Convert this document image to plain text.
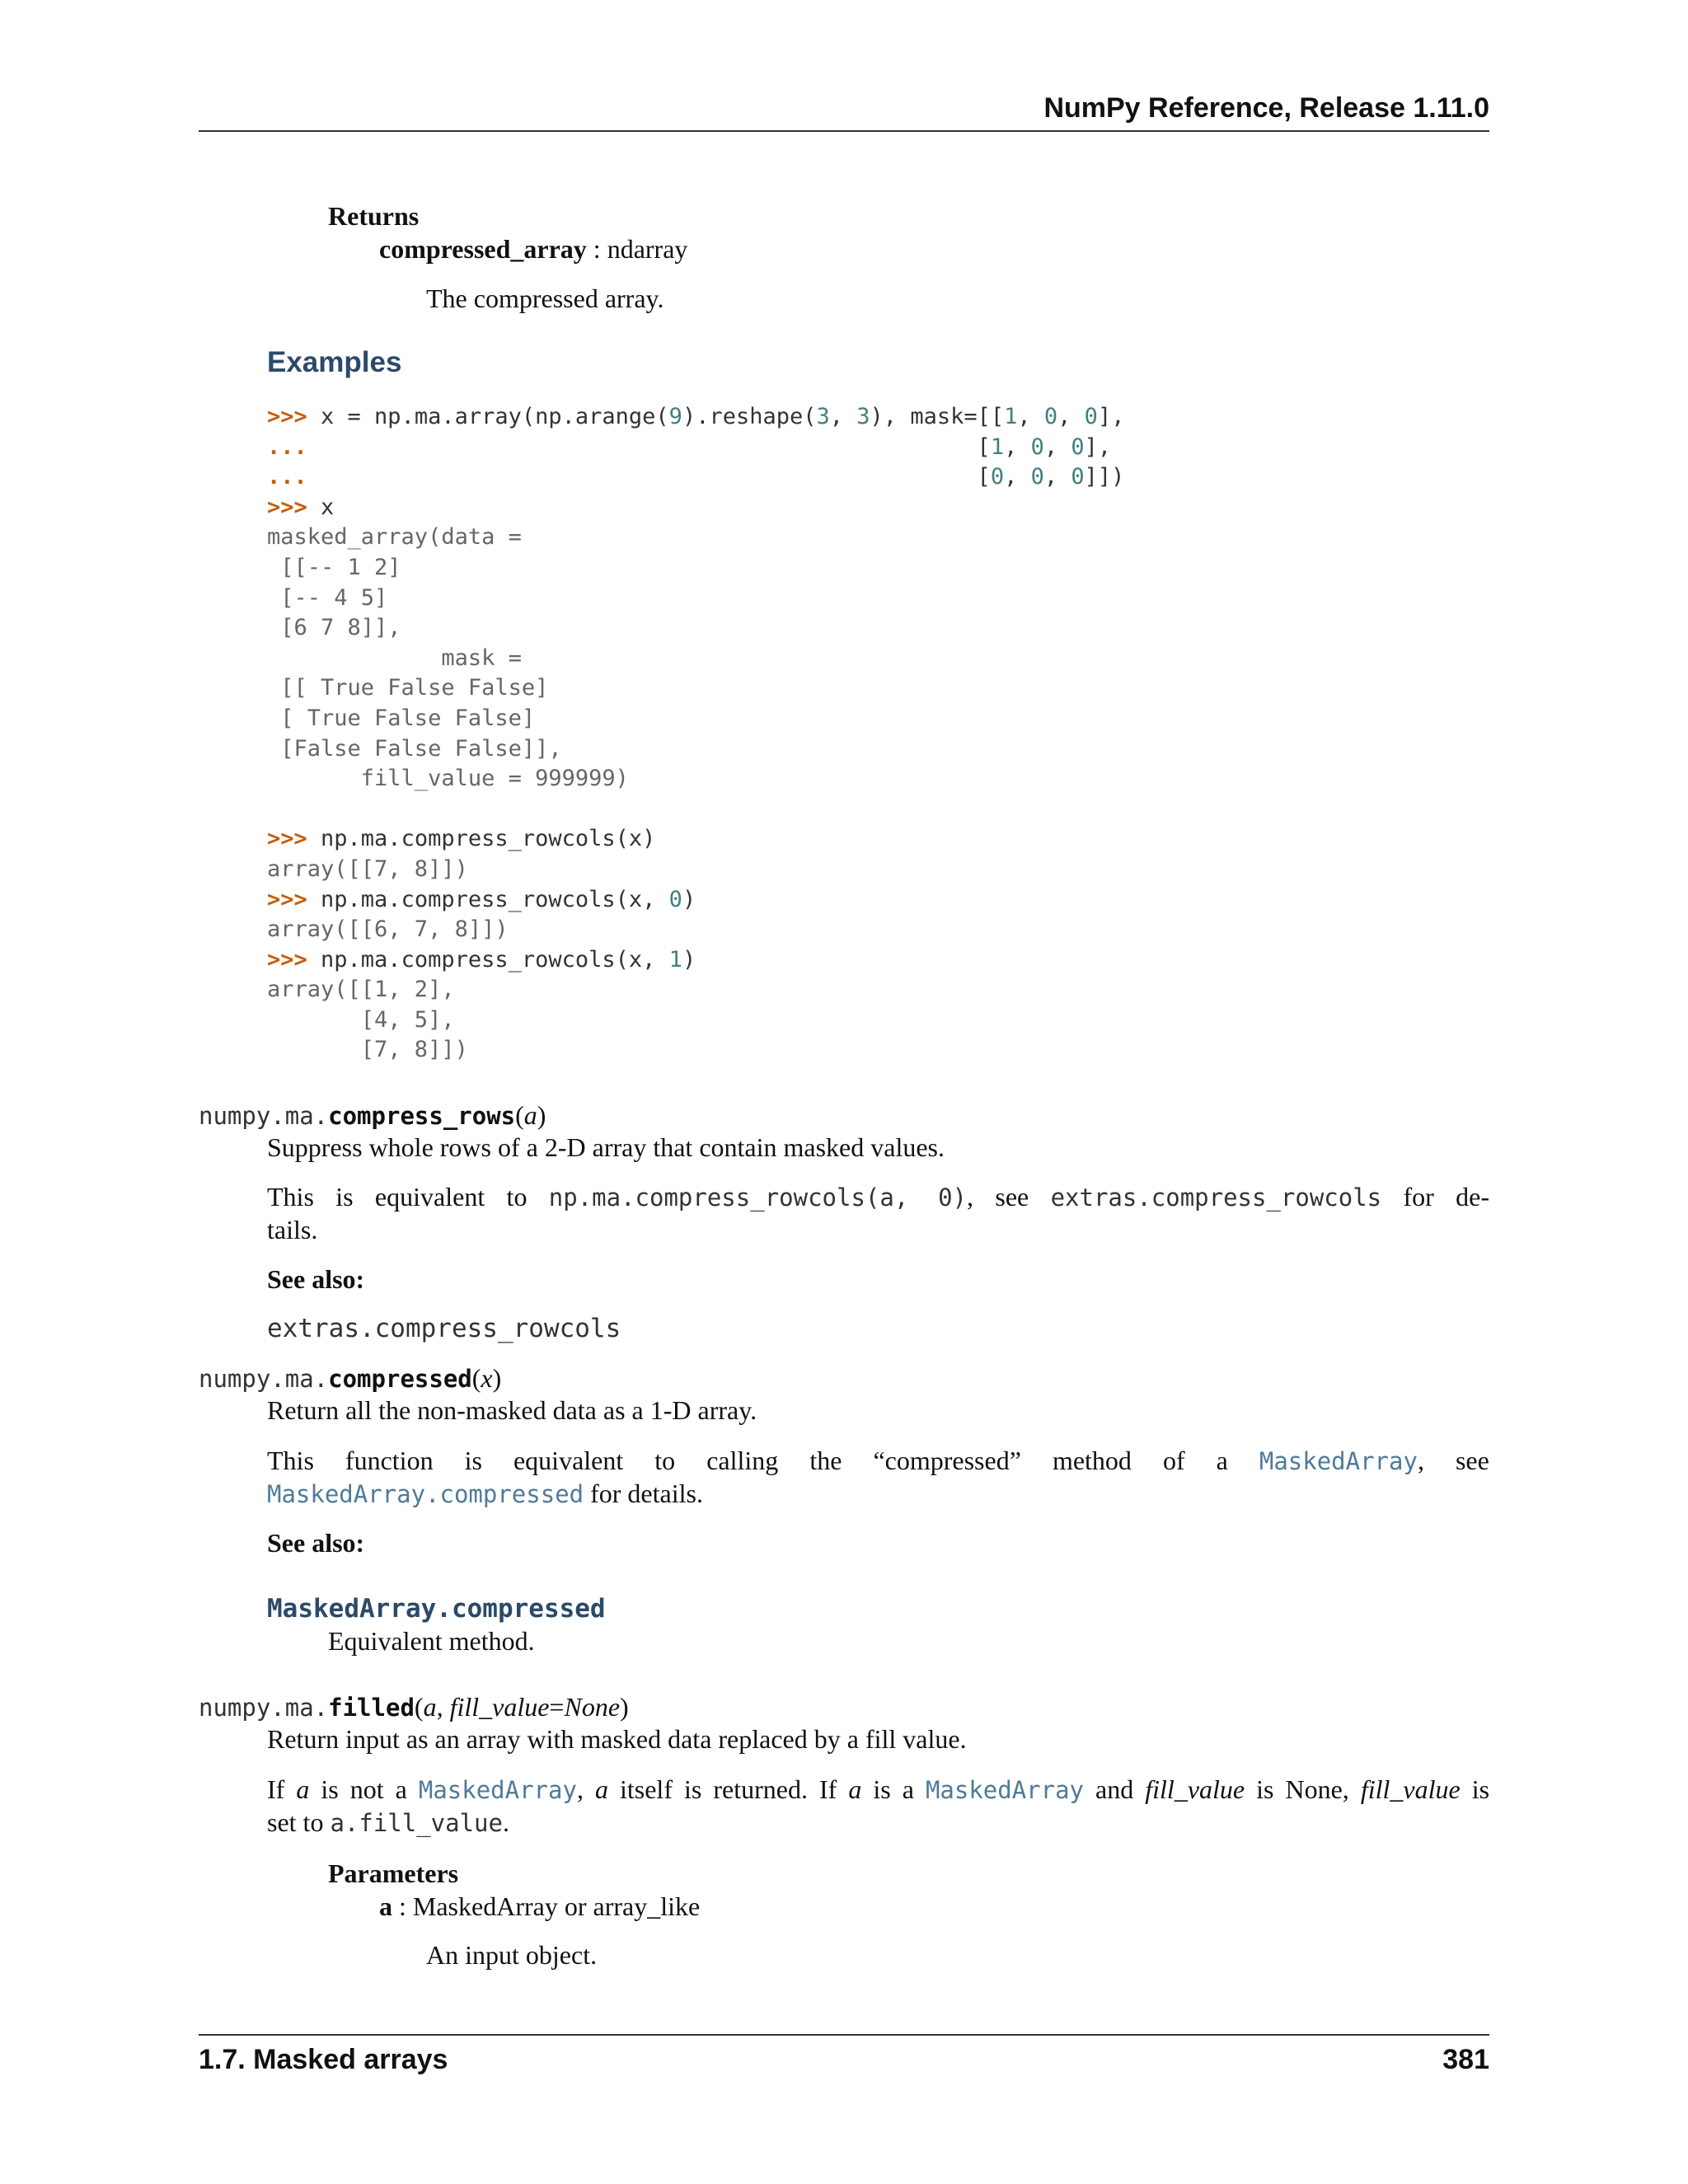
NumPy Reference, Release 1.11.0
Returns
compressed_array : ndarray
The compressed array.
Examples
>>> x = np.ma.array(np.arange(9).reshape(3, 3), mask=[[1, 0, 0],
...                                                  [1, 0, 0],
...                                                  [0, 0, 0]])
>>> x
masked_array(data =
[[-- 1 2]
[-- 4 5]
[6 7 8]],
mask =
[[ True False False]
[ True False False]
[False False False]],
fill_value = 999999)

>>> np.ma.compress_rowcols(x)
array([[7, 8]])
>>> np.ma.compress_rowcols(x, 0)
array([[6, 7, 8]])
>>> np.ma.compress_rowcols(x, 1)
array([[1, 2],
[4, 5],
[7, 8]])
numpy.ma.compress_rows(a)
Suppress whole rows of a 2-D array that contain masked values.
This is equivalent to np.ma.compress_rowcols(a, 0), see extras.compress_rowcols for de-
tails.
See also:
extras.compress_rowcols
numpy.ma.compressed(x)
Return all the non-masked data as a 1-D array.
This function is equivalent to calling the “compressed” method of a MaskedArray, see
MaskedArray.compressed for details.
See also:
MaskedArray.compressed
Equivalent method.
numpy.ma.filled(a, fill_value=None)
Return input as an array with masked data replaced by a fill value.
If a is not a MaskedArray, a itself is returned. If a is a MaskedArray and fill_value is None, fill_value is
set to a.fill_value.
Parameters
a : MaskedArray or array_like
An input object.
1.7. Masked arrays	381
